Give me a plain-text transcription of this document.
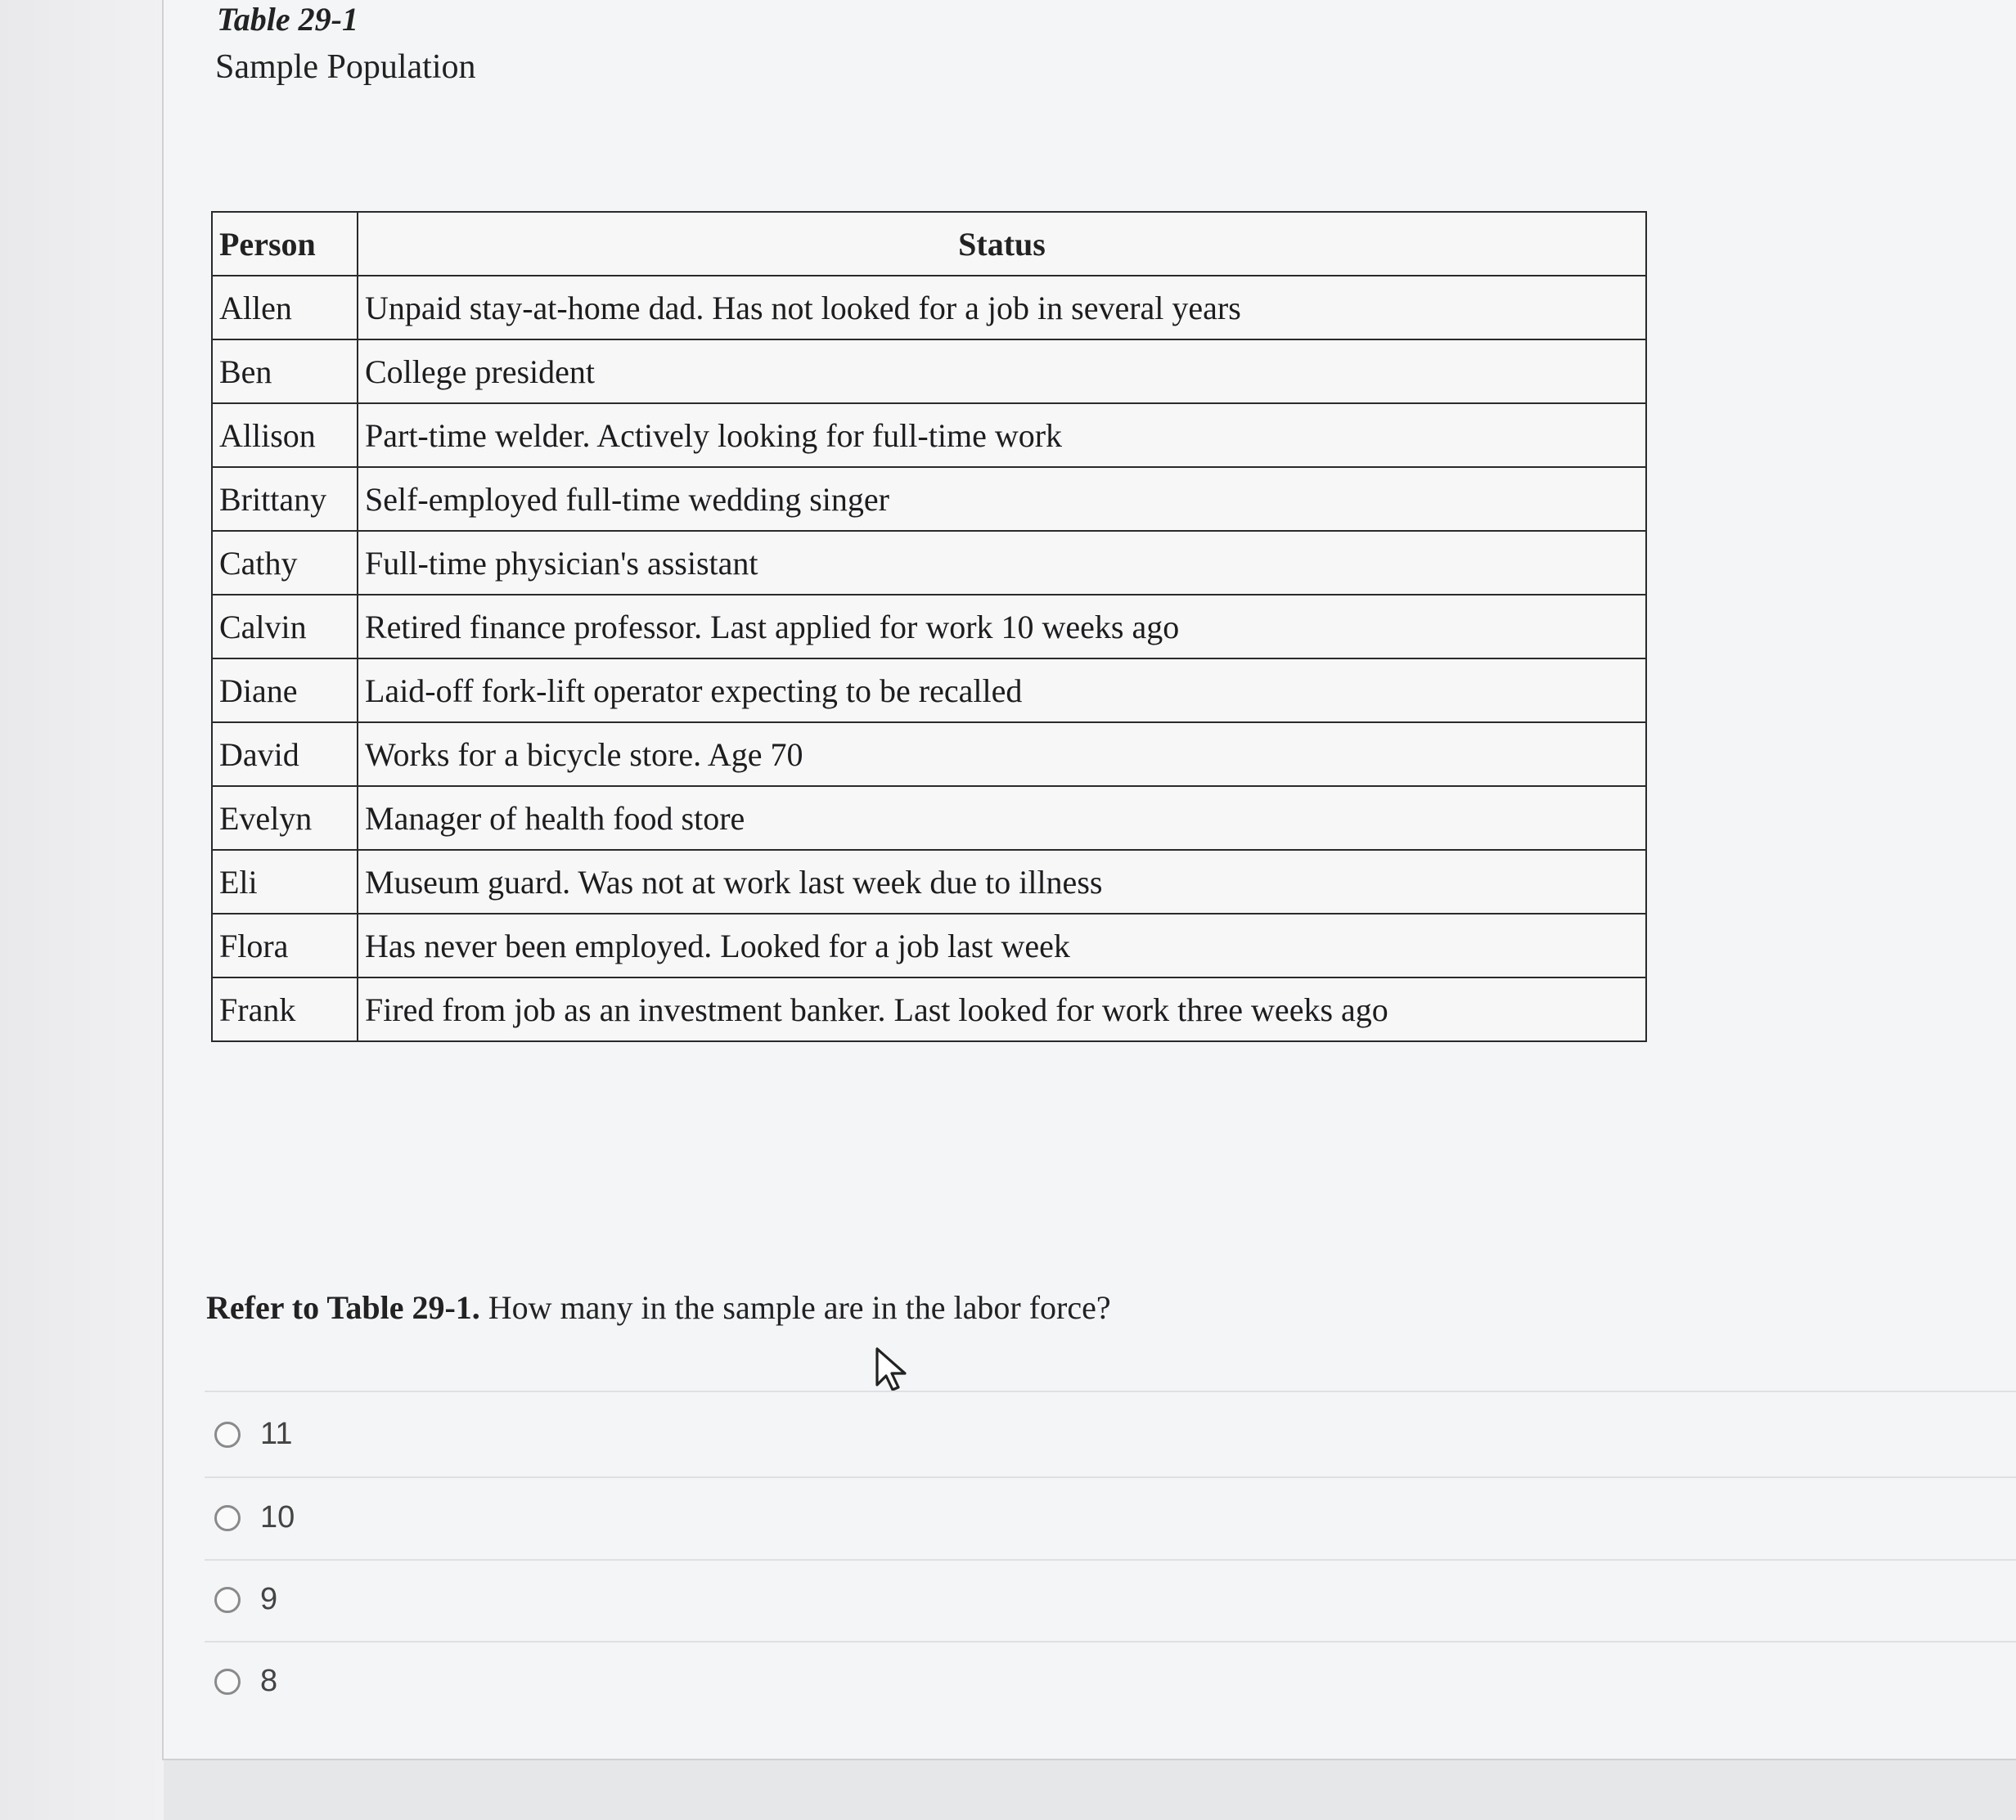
Table 29-1
Sample Population
Person	Status
Allen	Unpaid stay-at-home dad. Has not looked for a job in several years
Ben	College president
Allison	Part-time welder. Actively looking for full-time work
Brittany	Self-employed full-time wedding singer
Cathy	Full-time physician's assistant
Calvin	Retired finance professor. Last applied for work 10 weeks ago
Diane	Laid-off fork-lift operator expecting to be recalled
David	Works for a bicycle store. Age 70
Evelyn	Manager of health food store
Eli	Museum guard. Was not at work last week due to illness
Flora	Has never been employed. Looked for a job last week
Frank	Fired from job as an investment banker. Last looked for work three weeks ago
Refer to Table 29-1. How many in the sample are in the labor force?
11
10
9
8
